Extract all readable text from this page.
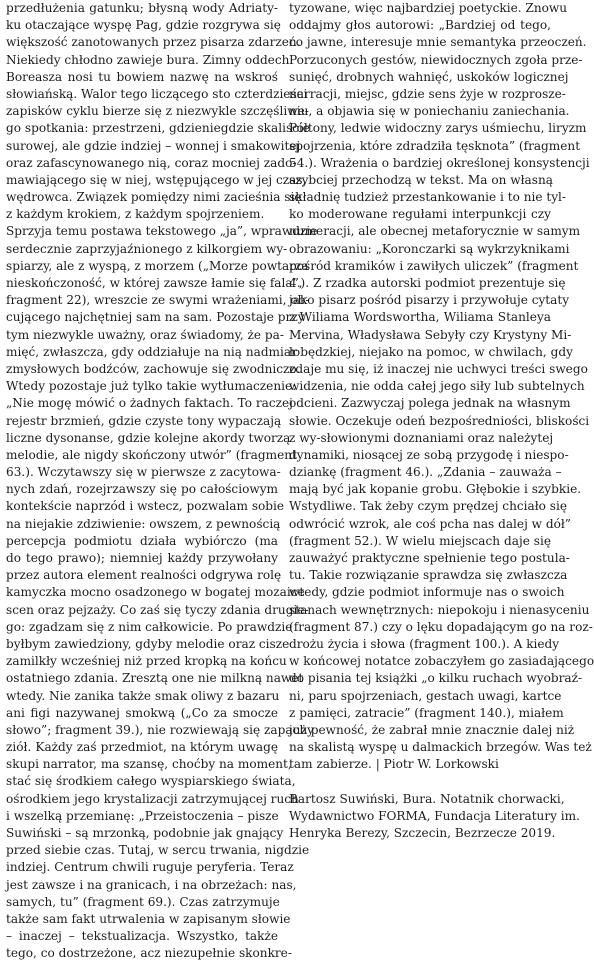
przedłużenia gatunku; błysną wody Adriaty-
ku otaczające wyspę Pag, gdzie rozgrywa się
większość zanotowanych przez pisarza zdarzeń.
Niekiedy chłodno zawieje bura. Zimny oddech
Boreasza nosi tu bowiem nazwę na wskroś
słowiańską. Walor tego liczącego sto czterdzieści
zapisków cyklu bierze się z niezwykle szczęśliwe-
go spotkania: przestrzeni, gdzieniegdzie skaliście
surowej, ale gdzie indziej – wonnej i smakowitej
oraz zafascynowanego nią, coraz mocniej zado-
mawiającego się w niej, wstępującego w jej czas,
wędrowca. Związek pomiędzy nimi zacieśnia się
z każdym krokiem, z każdym spojrzeniem.
Sprzyja temu postawa tekstowego „ja”, wprawdzie
serdecznie zaprzyjaźnionego z kilkorgiem wy-
spiarzy, ale z wyspą, z morzem („Morze powtarza
nieskończoność, w której zawsze łamie się fala”,
fragment 22), wreszcie ze swymi wrażeniami, ob-
cującego najchętniej sam na sam. Pozostaje przy
tym niezwykle uważny, oraz świadomy, że pa-
mięć, zwłaszcza, gdy oddziałuje na nią nadmiar
zmysłowych bodźców, zachowuje się zwodniczo.
Wtedy pozostaje już tylko takie wytłumaczenie:
„Nie mogę mówić o żadnych faktach. To raczej
rejestr brzmień, gdzie czyste tony wypaczają
liczne dysonanse, gdzie kolejne akordy tworzą
melodie, ale nigdy skończony utwór” (fragment
63.). Wczytawszy się w pierwsze z zacytowa-
nych zdań, rozejrzawszy się po całościowym
kontekście naprzód i wstecz, pozwalam sobie
na niejakie zdziwienie: owszem, z pewnością
percepcja podmiotu działa wybiórczo (ma
do tego prawo); niemniej każdy przywołany
przez autora element realności odgrywa rolę
kamyczka mocno osadzonego w bogatej mozaice
scen oraz pejzaży. Co zaś się tyczy zdania drugie-
go: zgadzam się z nim całkowicie. Po prawdzie
byłbym zawiedziony, gdyby melodie oraz cisze
zamilkły wcześniej niż przed kropką na końcu
ostatniego zdania. Zresztą one nie milkną nawet
wtedy. Nie zanika także smak oliwy z bazaru
ani figi nazywanej smokwą („Co za smocze
słowo”; fragment 39.), nie rozwiewają się zapachy
ziół. Każdy zaś przedmiot, na którym uwagę
skupi narrator, ma szansę, choćby na moment,
stać się środkiem całego wyspiarskiego świata,
ośrodkiem jego krystalizacji zatrzymującej ruch
i wszelką przemianę: „Przeistoczenia – pisze
Suwiński – są mrzonką, podobnie jak gnający
przed siebie czas. Tutaj, w sercu trwania, nigdzie
indziej. Centrum chwili ruguje peryferia. Teraz
jest zawsze i na granicach, i na obrzeżach: nas,
samych, tu” (fragment 69.). Czas zatrzymuje
także sam fakt utrwalenia w zapisanym słowie
– inaczej – tekstualizacja. Wszystko, także
tego, co dostrzeżone, acz niezupełnie skonkre-
tyzowane, więc najbardziej poetyckie. Znowu
oddajmy głos autorowi: „Bardziej od tego,
co jawne, interesuje mnie semantyka przeoczeń.
Porzuconych gestów, niewidocznych zgoła prze-
sunięć, drobnych wahnięć, uskoków logicznej
narracji, miejsc, gdzie sens żyje w rozproszе-
niu, a objawia się w poniechaniu zaniechania.
Półtony, ledwie widoczny zarys uśmiechu, liryzm
spojrzenia, które zdradziła tęsknota” (fragment
54.). Wrażenia o bardziej określonej konsystencji
szybciej przechodzą w tekst. Ma on własną
składnię tudzież przestankowanie i to nie tyl-
ko moderowane regułami interpunkcji czy
numeracji, ale obecnej metaforycznie w samym
obrazowaniu: „Koronczarki są wykrzyknikami
pośród kramików i zawiłych uliczek” (fragment
4.). Z rzadka autorski podmiot prezentuje się
jako pisarz pośród pisarzy i przywołuje cytaty
z Wiliama Wordswortha, Wiliama Stanleya
Mervina, Władysława Sebyły czy Krystyny Mi-
łobędzkiej, niejako na pomoc, w chwilach, gdy
zdaje mu się, iż inaczej nie uchwyci treści swego
widzenia, nie odda całej jego siły lub subtelnych
odcieni. Zazwyczaj polega jednak na własnym
słowie. Oczekuje odeń bezpośredniości, bliskości
z wy-słowionymi doznaniami oraz należytej
dynamiki, niosącej ze sobą przygodę i niespo-
dziankę (fragment 46.). „Zdania – zauważa –
mają być jak kopanie grobu. Głębokie i szybkie.
Wstydliwe. Tak żeby czym prędzej chciało się
odwrócić wzrok, ale coś pcha nas dalej w dół”
(fragment 52.). W wielu miejscach daje się
zauważyć praktyczne spełnienie tego postula-
tu. Takie rozwiązanie sprawdza się zwłaszcza
wtedy, gdzie podmiot informuje nas o swoich
stanach wewnętrznych: niepokoju i nienasycеniu
(fragment 87.) czy o lęku dopadającym go na roz-
drożu życia i słowa (fragment 100.). A kiedy
w końcowej notatce zobaczyłem go zasiadającego
do pisania tej książki „o kilku ruchach wyobraź-
ni, paru spojrzeniach, gestach uwagi, kartce
z pamięci, zatracie” (fragment 140.), miałem
już pewność, że zabrał mnie znacznie dalej niż
na skalistą wyspę u dalmackich brzegów. Was też
tam zabierze. | Piotr W. Lorkowski
Bartosz Suwiński, Bura. Notatnik chorwacki,
Wydawnictwo FORMA, Fundacja Literatury im.
Henryka Berezy, Szczecin, Bezrzecze 2019.
